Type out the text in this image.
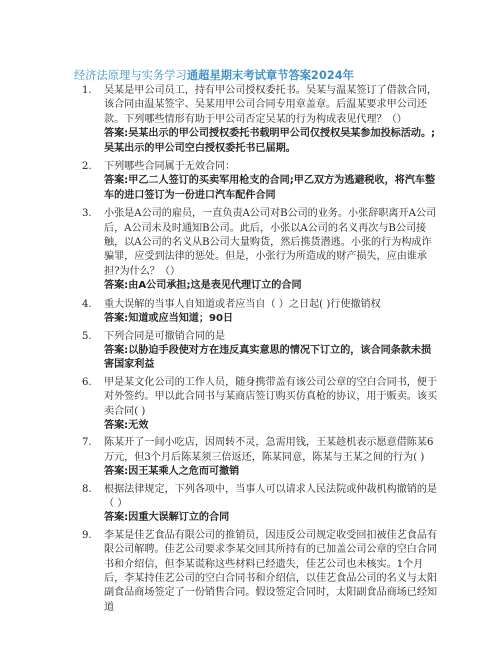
经济法原理与实务学习通超星期末考试章节答案2024年
1. 吴某是甲公司员工，持有甲公司授权委托书。吴某与温某签订了借款合同，该合同由温某签字、吴某用甲公司合同专用章盖章。后温某要求甲公司还款。下列哪些情形有助于甲公司否定吴某的行为构成表见代理？（）
答案:吴某出示的甲公司授权委托书载明甲公司仅授权吴某参加投标活动。;吴某出示的甲公司空白授权委托书已届期。
2. 下列哪些合同属于无效合同：
答案:甲乙二人签订的买卖军用枪支的合同;甲乙双方为逃避税收，将汽车整车的进口签订为一份进口汽车配件合同
3. 小张是A公司的雇员，一直负责A公司对B公司的业务。小张辞职离开A公司后，A公司未及时通知B公司。此后，小张以A公司的名义再次与B公司接触，以A公司的名义从B公司大量购货，然后携货潜逃。小张的行为构成诈骗罪，应受到法律的惩处。但是，小张行为所造成的财产损失，应由谁承担?为什么？（）
答案:由A公司承担;这是表见代理订立的合同
4. 重大误解的当事人自知道或者应当自（ ）之日起( )行使撤销权
答案:知道或应当知道；90日
5. 下列合同是可撤销合同的是
答案:以胁迫手段使对方在违反真实意思的情况下订立的，该合同条款未损害国家利益
6. 甲是某文化公司的工作人员，随身携带盖有该公司公章的空白合同书，便于对外签约。甲以此合同书与某商店签订购买仿真枪的协议，用于贩卖。该买卖合同( )
答案:无效
7. 陈某开了一间小吃店，因周转不灵，急需用钱，王某趁机表示愿意借陈某6万元，但3个月后陈某须三倍返还，陈某同意，陈某与王某之间的行为( )
答案:因王某乘人之危而可撤销
8. 根据法律规定，下列各项中，当事人可以请求人民法院或仲裁机构撤销的是（ ）
答案:因重大误解订立的合同
9. 李某是佳艺食品有限公司的推销员，因违反公司规定收受回扣被佳艺食品有限公司解聘。佳艺公司要求李某交回其所持有的已加盖公司公章的空白合同书和介绍信，但李某谎称这些材料已经遗失，佳艺公司也未核实。1个月后，李某持佳艺公司的空白合同书和介绍信，以佳艺食品公司的名义与太阳副食品商场签定了一份销售合同。假设签定合同时，太阳副食品商场已经知道
